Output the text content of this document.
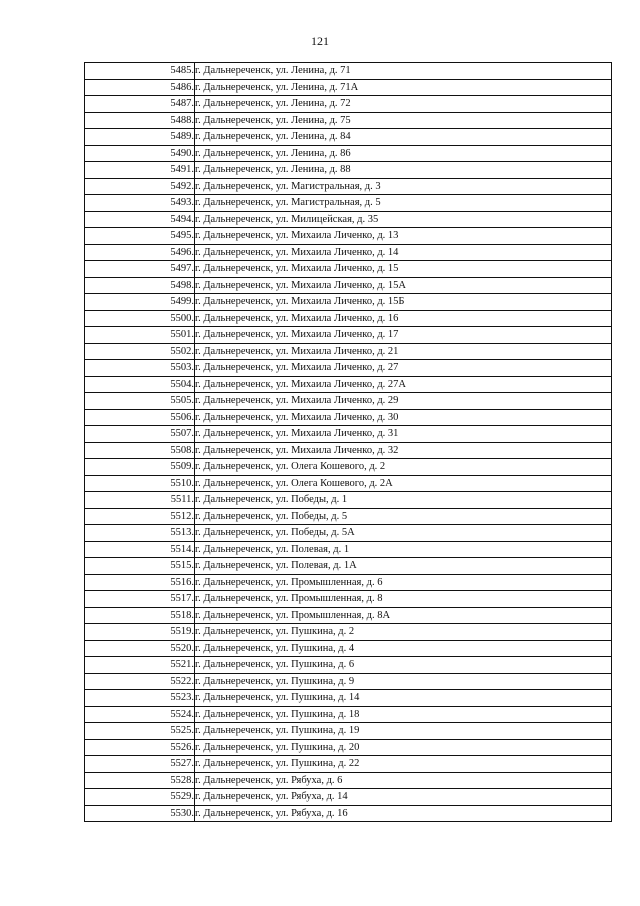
121
5485.	г. Дальнереченск, ул. Ленина, д. 71
5486.	г. Дальнереченск, ул. Ленина, д. 71А
5487.	г. Дальнереченск, ул. Ленина, д. 72
5488.	г. Дальнереченск, ул. Ленина, д. 75
5489.	г. Дальнереченск, ул. Ленина, д. 84
5490.	г. Дальнереченск, ул. Ленина, д. 86
5491.	г. Дальнереченск, ул. Ленина, д. 88
5492.	г. Дальнереченск, ул. Магистральная, д. 3
5493.	г. Дальнереченск, ул. Магистральная, д. 5
5494.	г. Дальнереченск, ул. Милицейская, д. 35
5495.	г. Дальнереченск, ул. Михаила Личенко, д. 13
5496.	г. Дальнереченск, ул. Михаила Личенко, д. 14
5497.	г. Дальнереченск, ул. Михаила Личенко, д. 15
5498.	г. Дальнереченск, ул. Михаила Личенко, д. 15А
5499.	г. Дальнереченск, ул. Михаила Личенко, д. 15Б
5500.	г. Дальнереченск, ул. Михаила Личенко, д. 16
5501.	г. Дальнереченск, ул. Михаила Личенко, д. 17
5502.	г. Дальнереченск, ул. Михаила Личенко, д. 21
5503.	г. Дальнереченск, ул. Михаила Личенко, д. 27
5504.	г. Дальнереченск, ул. Михаила Личенко, д. 27А
5505.	г. Дальнереченск, ул. Михаила Личенко, д. 29
5506.	г. Дальнереченск, ул. Михаила Личенко, д. 30
5507.	г. Дальнереченск, ул. Михаила Личенко, д. 31
5508.	г. Дальнереченск, ул. Михаила Личенко, д. 32
5509.	г. Дальнереченск, ул. Олега Кошевого, д. 2
5510.	г. Дальнереченск, ул. Олега Кошевого, д. 2А
5511.	г. Дальнереченск, ул. Победы, д. 1
5512.	г. Дальнереченск, ул. Победы, д. 5
5513.	г. Дальнереченск, ул. Победы, д. 5А
5514.	г. Дальнереченск, ул. Полевая, д. 1
5515.	г. Дальнереченск, ул. Полевая, д. 1А
5516.	г. Дальнереченск, ул. Промышленная, д. 6
5517.	г. Дальнереченск, ул. Промышленная, д. 8
5518.	г. Дальнереченск, ул. Промышленная, д. 8А
5519.	г. Дальнереченск, ул. Пушкина, д. 2
5520.	г. Дальнереченск, ул. Пушкина, д. 4
5521.	г. Дальнереченск, ул. Пушкина, д. 6
5522.	г. Дальнереченск, ул. Пушкина, д. 9
5523.	г. Дальнереченск, ул. Пушкина, д. 14
5524.	г. Дальнереченск, ул. Пушкина, д. 18
5525.	г. Дальнереченск, ул. Пушкина, д. 19
5526.	г. Дальнереченск, ул. Пушкина, д. 20
5527.	г. Дальнереченск, ул. Пушкина, д. 22
5528.	г. Дальнереченск, ул. Рябуха, д. 6
5529.	г. Дальнереченск, ул. Рябуха, д. 14
5530.	г. Дальнереченск, ул. Рябуха, д. 16
